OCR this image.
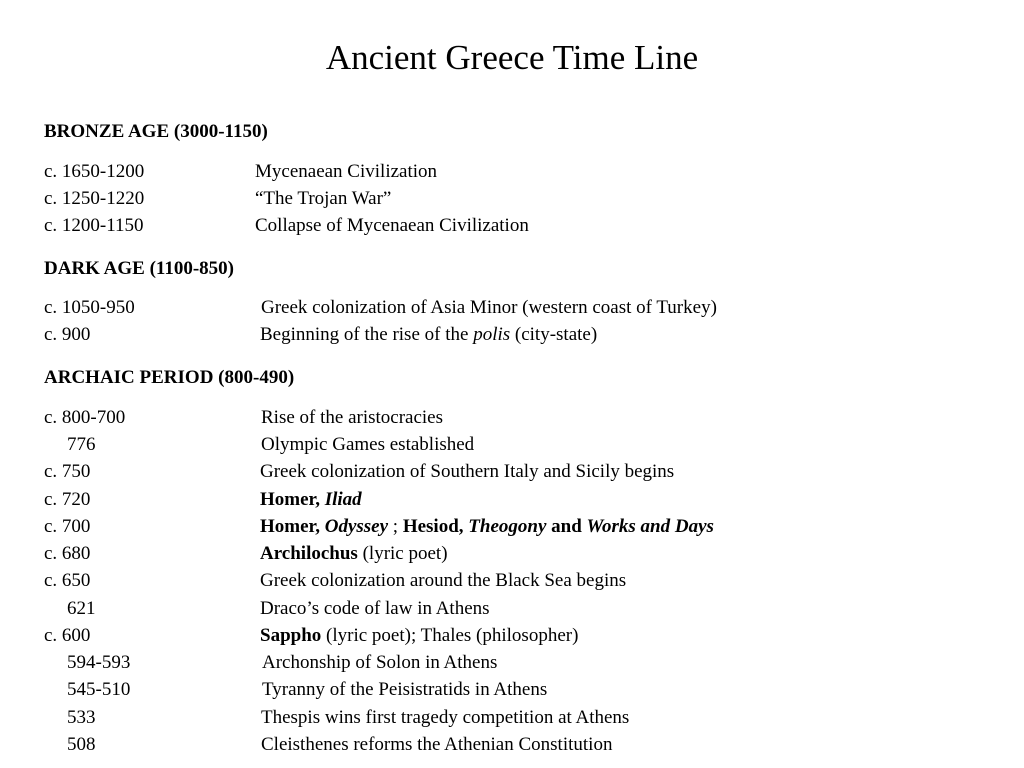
Ancient Greece Time Line
BRONZE AGE (3000-1150)
c. 1650-1200	Mycenaean Civilization
c. 1250-1220	“The Trojan War”
c. 1200-1150	Collapse of Mycenaean Civilization
DARK AGE (1100-850)
c. 1050-950	Greek colonization of Asia Minor (western coast of Turkey)
c. 900	Beginning of the rise of the polis (city-state)
ARCHAIC PERIOD (800-490)
c. 800-700	Rise of the aristocracies
776	Olympic Games established
c. 750	Greek colonization of Southern Italy and Sicily begins
c. 720	Homer, Iliad
c. 700	Homer, Odyssey ; Hesiod, Theogony and Works and Days
c. 680	Archilochus (lyric poet)
c. 650	Greek colonization around the Black Sea begins
621	Draco’s code of law in Athens
c. 600	Sappho (lyric poet); Thales (philosopher)
594-593	Archonship of Solon in Athens
545-510	Tyranny of the Peisistratids in Athens
533	Thespis wins first tragedy competition at Athens
508	Cleisthenes reforms the Athenian Constitution
